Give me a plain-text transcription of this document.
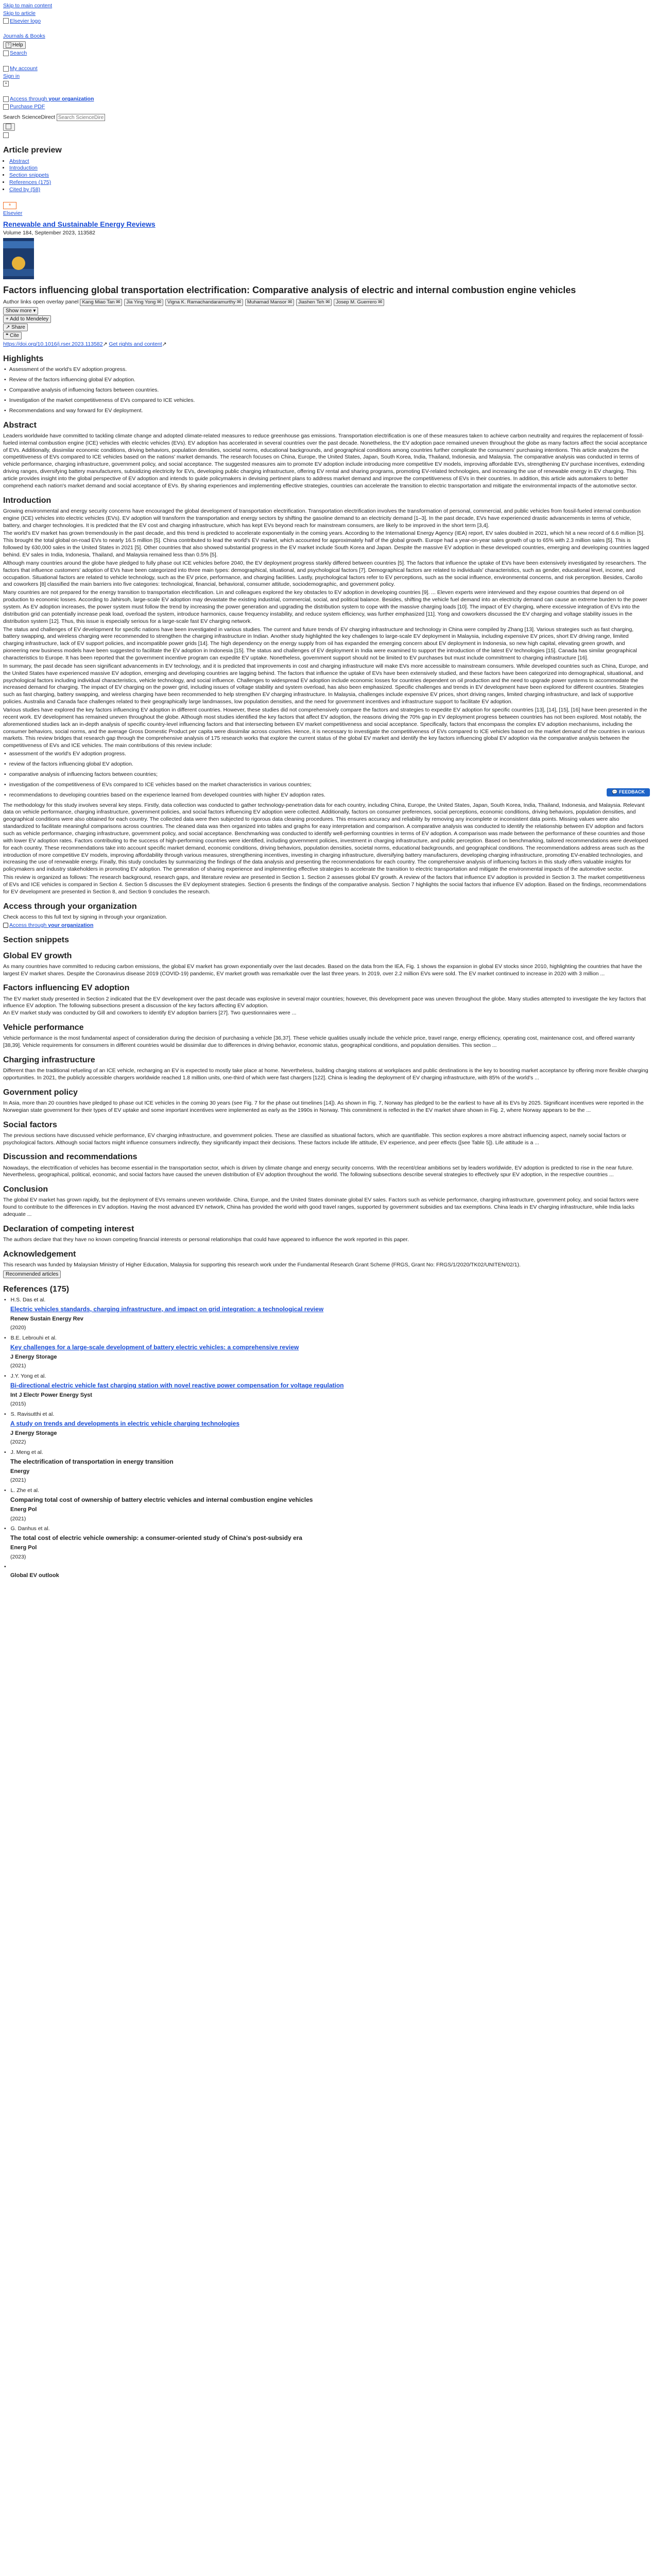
Skip to main content
Skip to article
Elsevier logo

Journals & Books
? Help
Search

My account
Sign in
≡

Access through your organization
Purchase PDF
Search ScienceDirect Search ScienceDirect
Article preview
• Abstract
• Introduction
• Section snippets
• References (175)
• Cited by (58)
⚘
Elsevier
Renewable and Sustainable Energy Reviews
Volume 184, September 2023, 113582
Factors influencing global transportation electrification: Comparative analysis of electric and internal combustion engine vehicles
Author links open overlay panel Kang Miao Tan ✉ Jia Ying Yong ✉ Vigna K. Ramachandaramurthy ✉ Muhamad Mansor ✉ Jiashen Teh ✉ Josep M. Guerrero ✉
Show more ▾
+ Add to Mendeley
↗ Share
❝ Cite
https://doi.org/10.1016/j.rser.2023.113582↗ Get rights and content↗
Highlights
• Assessment of the world's EV adoption progress.
• Review of the factors influencing global EV adoption.
• Comparative analysis of influencing factors between countries.
• Investigation of the market competitiveness of EVs compared to ICE vehicles.
• Recommendations and way forward for EV deployment.
Abstract

Leaders worldwide have committed to tackling climate change and adopted climate-related measures to reduce greenhouse gas emissions. Transportation electrification is one of these measures taken to achieve carbon neutrality and requires the replacement of fossil-fueled internal combustion engine (ICE) vehicles with electric vehicles (EVs). EV adoption has accelerated in several countries over the past decade. Nonetheless, the EV adoption pace remained uneven throughout the globe as many factors affect the social acceptance of EVs. Additionally, dissimilar economic conditions, driving behaviors, population densities, societal norms, educational backgrounds, and geographical conditions among countries further complicate the consumers' purchasing intentions. This article analyzes the competitiveness of EVs compared to ICE vehicles based on the nations' market demands. The research focuses on China, Europe, the United States, Japan, South Korea, India, Thailand, Indonesia, and Malaysia. The comparative analysis was conducted in terms of vehicle performance, charging infrastructure, government policy, and social acceptance. The suggested measures aim to promote EV adoption include introducing more competitive EV models, improving affordable EVs, strengthening EV purchase incentives, extending driving ranges, diversifying battery manufacturers, subsidizing electricity for EVs, developing public charging infrastructure, offering EV rental and sharing programs, promoting EV-related technologies, and increasing the use of renewable energy in EV charging. This article provides insight into the global perspective of EV adoption and intends to guide policymakers in devising pertinent plans to address market demand and improve the competitiveness of EVs in their countries. In addition, this article aids automakers to better comprehend each nation's market demand and social acceptance of EVs. By sharing experiences and implementing effective strategies, countries can accelerate the transition to electric transportation and mitigate the environmental impacts of the automotive sector.

Introduction

Growing environmental and energy security concerns have encouraged the global development of transportation electrification. Transportation electrification involves the transformation of personal, commercial, and public vehicles from fossil-fueled internal combustion engine (ICE) vehicles into electric vehicles (EVs). EV adoption will transform the transportation and energy sectors by shifting the gasoline demand to an electricity demand [1–3]. In the past decade, EVs have experienced drastic advancements in terms of vehicle, battery, and charger technologies. It is predicted that the EV cost and charging infrastructure, which has kept EVs beyond reach for mainstream consumers, are likely to be improved in the short term [3,4].

The world's EV market has grown tremendously in the past decade, and this trend is predicted to accelerate exponentially in the coming years. According to the International Energy Agency (IEA) report, EV sales doubled in 2021, which hit a new record of 6.6 million [5]. This brought the total global on-road EVs to nearly 16.5 million [5]. China contributed to lead the world's EV market, which accounted for approximately half of the global growth. Europe had a year-on-year sales growth of up to 65% with 2.3 million sales [5]. This is followed by 630,000 sales in the United States in 2021 [5]. Other countries that also showed substantial progress in the EV market include South Korea and Japan. Despite the massive EV adoption in these developed countries, emerging and developing countries lagged behind. EV sales in India, Indonesia, Thailand, and Malaysia remained less than 0.5% [5].

Although many countries around the globe have pledged to fully phase out ICE vehicles before 2040, the EV deployment progress starkly differed between countries [5]. The factors that influence the uptake of EVs have been extensively investigated by researchers. The factors that influence customers' adoption of EVs have been categorized into three main types: demographical, situational, and psychological factors [7]. Demographical factors are related to individuals' characteristics, such as gender, educational level, income, and occupation. Situational factors are related to vehicle technology, such as the EV price, performance, and charging facilities. Lastly, psychological factors refer to EV perceptions, such as the social influence, environmental concerns, and risk perception. Besides, Carollo and coworkers [8] classified the main barriers into five categories: technological, financial, behavioral, consumer attitude, sociodemographic, and government policy.

Many countries are not prepared for the energy transition to transportation electrification. Lin and colleagues explored the key obstacles to EV adoption in developing countries [9]. ... Eleven experts were interviewed and they expose countries that depend on oil production to economic losses. According to Jahirsoh, large-scale EV adoption may devastate the existing industrial, commercial, social, and political balance. Besides, shifting the vehicle fuel demand into an electricity demand can cause an extreme burden to the power system. As EV adoption increases, the power system must follow the trend by increasing the power generation and upgrading the distribution system to cope with the massive charging loads [10]. The impact of EV charging, where excessive integration of EVs into the distribution grid can potentially increase peak load, overload the system, introduce harmonics, cause frequency instability, and reduce system efficiency, was further emphasized [11]. Yong and coworkers discussed the EV charging and voltage stability issues in the distribution system [12]. Thus, this issue is especially serious for a large-scale fast EV charging network.

The status and challenges of EV development for specific nations have been investigated in various studies. The current and future trends of EV charging infrastructure and technology in China were compiled by Zhang [13]. Various strategies such as fast charging, battery swapping, and wireless charging were recommended to strengthen the charging infrastructure in Indian. Another study highlighted the key challenges to large-scale EV deployment in Malaysia, including expensive EV prices, short EV driving range, limited charging infrastructure, lack of EV support policies, and incompatible power grids [14]. The high dependency on the energy supply from oil has expanded the emerging concern about EV deployment in Indonesia, so new high capital, elevating green growth, and pioneering new business models have been suggested to facilitate the EV adoption in Indonesia [15]. The status and challenges of EV deployment in India were examined to support the introduction of the latest EV technologies [15]. Canada has similar geographical characteristics to Europe. It has been reported that the government incentive program can expedite EV uptake. Nonetheless, government support should not be limited to EV purchases but must include commitment to charging infrastructure [16].

In summary, the past decade has seen significant advancements in EV technology, and it is predicted that improvements in cost and charging infrastructure will make EVs more accessible to mainstream consumers. While developed countries such as China, Europe, and the United States have experienced massive EV adoption, emerging and developing countries are lagging behind. The factors that influence the uptake of EVs have been extensively studied, and these factors have been categorized into demographical, situational, and psychological factors including individual characteristics, vehicle technology, and social influence. Challenges to widespread EV adoption include economic losses for countries dependent on oil production and the need to upgrade power systems to accommodate the increased demand for charging. The impact of EV charging on the power grid, including issues of voltage stability and system overload, has also been emphasized. Specific challenges and trends in EV development have been explored for different countries. Strategies such as fast charging, battery swapping, and wireless charging have been recommended to help strengthen EV charging infrastructure. In Malaysia, challenges include expensive EV prices, short driving ranges, limited charging infrastructure, and lack of supportive policies. Australia and Canada face challenges related to their geographically large landmasses, low population densities, and the need for government incentives and infrastructure support to facilitate EV adoption.

Various studies have explored the key factors influencing EV adoption in different countries. However, these studies did not comprehensively compare the factors and strategies to expedite EV adoption for specific countries [13], [14], [15], [16] have been presented in the recent work. EV development has remained uneven throughout the globe. Although most studies identified the key factors that affect EV adoption, the reasons driving the 70% gap in EV deployment progress between countries has not been explored. Most notably, the aforementioned studies lack an in-depth analysis of specific country-level influencing factors and that intersecting between EV market competitiveness and social acceptance. Specifically, factors that encompass the complex EV adoption mechanisms, including the consumer behaviors, social norms, and the average Gross Domestic Product per capita were dissimilar across countries. Hence, it is necessary to investigate the competitiveness of EVs compared to ICE vehicles based on the market demand of the countries in various markets. This review bridges that research gap through the comprehensive analysis of 175 research works that explore the current status of the global EV market and identify the key factors influencing global EV adoption via the comparative analysis between the competitiveness of EVs and ICE vehicles. The main contributions of this review include:

• assessment of the world's EV adoption progress.
• review of the factors influencing global EV adoption.
• comparative analysis of influencing factors between countries;
• investigation of the competitiveness of EVs compared to ICE vehicles based on the market characteristics in various countries;
• recommendations to developing countries based on the experience learned from developed countries with higher EV adoption rates.

The methodology for this study involves several key steps. Firstly, data collection was conducted to gather technology-penetration data for each country, including China, Europe, the United States, Japan, South Korea, India, Thailand, Indonesia, and Malaysia. Relevant data on vehicle performance, charging infrastructure, government policies, and social factors influencing EV adoption were collected. Additionally, factors on consumer preferences, social perceptions, economic conditions, driving behaviors, population densities, and geographical conditions were also obtained for each country. The collected data were then subjected to rigorous data cleaning procedures. This ensures accuracy and reliability by removing any incomplete or inconsistent data points. Missing values were also standardized to facilitate meaningful comparisons across countries. The cleaned data was then organized into tables and graphs for easy interpretation and comparison. A comparative analysis was conducted to identify the relationship between EV adoption and factors such as vehicle performance, charging infrastructure, government policy, and social acceptance. Benchmarking was conducted to identify well-performing countries in terms of EV adoption. A comparison was made between the performance of these countries and those with lower EV adoption rates. Factors contributing to the success of high-performing countries were identified, including government policies, investment in charging infrastructure, and public perception. Based on benchmarking, tailored recommendations were developed for each country. These recommendations take into account specific market demand, economic conditions, driving behaviors, population densities, societal norms, educational backgrounds, and geographical conditions. The recommendations address areas such as the introduction of more competitive EV models, improving affordability through various measures, strengthening incentives, investing in charging infrastructure, diversifying battery manufacturers, developing charging infrastructure, promoting EV-enabled technologies, and increasing the use of renewable energy. Finally, this study concludes by summarizing the findings of the data analysis and presenting the recommendations for each country. The comprehensive analysis of influencing factors in this study offers valuable insights for policymakers and industry stakeholders in promoting EV adoption. The generation of sharing experience and implementing effective strategies to accelerate the transition to electric transportation and mitigate the environmental impacts of the automotive sector.

This review is organized as follows: The research background, research gaps, and literature review are presented in Section 1. Section 2 assesses global EV growth. A review of the factors that influence EV adoption is provided in Section 3. The market competitiveness of EVs and ICE vehicles is compared in Section 4. Section 5 discusses the EV deployment strategies. Section 6 presents the findings of the comparative analysis. Section 7 highlights the social factors that influence EV adoption. Based on the findings, recommendations for EV development are presented in Section 8, and Section 9 concludes the research.

Access through your organization

Check access to this full text by signing in through your organization.

Access through your organization
Section snippets
Global EV growth

As many countries have committed to reducing carbon emissions, the global EV market has grown exponentially over the last decades. Based on the data from the IEA, Fig. 1 shows the expansion in global EV stocks since 2010, highlighting the countries that have the largest EV market shares. Despite the Coronavirus disease 2019 (COVID-19) pandemic, EV market growth was remarkable over the last three years. In 2019, over 2.2 million EVs were sold. The EV market continued to increase in 2020 with 3 million ...

Factors influencing EV adoption

The EV market study presented in Section 2 indicated that the EV development over the past decade was explosive in several major countries; however, this development pace was uneven throughout the globe. Many studies attempted to investigate the key factors that influence EV adoption. The following subsections present a discussion of the key factors affecting EV adoption.
An EV market study was conducted by Gill and coworkers to identify EV adoption barriers [27]. Two questionnaires were ...

Vehicle performance

Vehicle performance is the most fundamental aspect of consideration during the decision of purchasing a vehicle [36,37]. These vehicle qualities usually include the vehicle price, travel range, energy efficiency, operating cost, maintenance cost, and offered warranty [38,39]. Vehicle requirements for consumers in different countries would be dissimilar due to differences in driving behavior, economic status, geographical conditions, and population densities. This section ...

Charging infrastructure

Different than the traditional refueling of an ICE vehicle, recharging an EV is expected to mostly take place at home. Nevertheless, building charging stations at workplaces and public destinations is the key to boosting market acceptance by offering more flexible charging opportunities. In 2021, the publicly accessible chargers worldwide reached 1.8 million units, one-third of which were fast chargers [122]. China is leading the deployment of EV charging infrastructure, with 85% of the world's ...

Government policy

In Asia, more than 20 countries have pledged to phase out ICE vehicles in the coming 30 years (see Fig. 7 for the phase out timelines [14]). As shown in Fig. 7, Norway has pledged to be the earliest to have all its EVs by 2025. Significant incentives were reported in the Norwegian state government for their types of EV uptake and some important incentives were implemented as early as the 1990s in Norway. This commitment is reflected in the EV market share shown in Fig. 2, where Norway appears to be the ...

Social factors

The previous sections have discussed vehicle performance, EV charging infrastructure, and government policies. These are classified as situational factors, which are quantifiable. This section explores a more abstract influencing aspect, namely social factors or psychological factors. Although social factors might influence consumers indirectly, they significantly impact their decisions. These factors include life attitude, EV experience, and peer effects ([see Table 5]). Life attitude is a ...

Discussion and recommendations

Nowadays, the electrification of vehicles has become essential in the transportation sector, which is driven by climate change and energy security concerns. With the recent/clear ambitions set by leaders worldwide, EV adoption is predicted to rise in the near future. Nevertheless, geographical, political, economic, and social factors have caused the uneven distribution of EV adoption throughout the world. The following subsections describe several strategies to effectively spur EV adoption, in the respective countries ...

Conclusion

The global EV market has grown rapidly, but the deployment of EVs remains uneven worldwide. China, Europe, and the United States dominate global EV sales. Factors such as vehicle performance, charging infrastructure, government policy, and social factors were found to contribute to the differences in EV adoption. Having the most advanced EV network, China has provided the world with good travel ranges, supported by government subsidies and tax exemptions. China leads in EV charging infrastructure, while India lacks adequate ...

Declaration of competing interest

The authors declare that they have no known competing financial interests or personal relationships that could have appeared to influence the work reported in this paper.

Acknowledgement

This research was funded by Malaysian Ministry of Higher Education, Malaysia for supporting this research work under the Fundamental Research Grant Scheme (FRGS, Grant No: FRGS/1/2020/TK02/UNITEN/02/1).

Recommended articles
References (175)
• H.S. Das et al.
Electric vehicles standards, charging infrastructure, and impact on grid integration: a technological review
Renew Sustain Energy Rev
(2020)
• B.E. Lebrouhi et al.
Key challenges for a large-scale development of battery electric vehicles: a comprehensive review
J Energy Storage
(2021)
• J.Y. Yong et al.
Bi-directional electric vehicle fast charging station with novel reactive power compensation for voltage regulation
Int J Electr Power Energy Syst
(2015)
• S. Ravisutthi et al.
A study on trends and developments in electric vehicle charging technologies
J Energy Storage
(2022)
• J. Meng et al.
The electrification of transportation in energy transition
Energy
(2021)
• L. Zhe et al.
Comparing total cost of ownership of battery electric vehicles and internal combustion engine vehicles
Energ Pol
(2021)
• G. Danhus et al.
The total cost of electric vehicle ownership: a consumer-oriented study of China's post-subsidy era
Energ Pol
(2023)
• Global EV outlook
💬 FEEDBACK
